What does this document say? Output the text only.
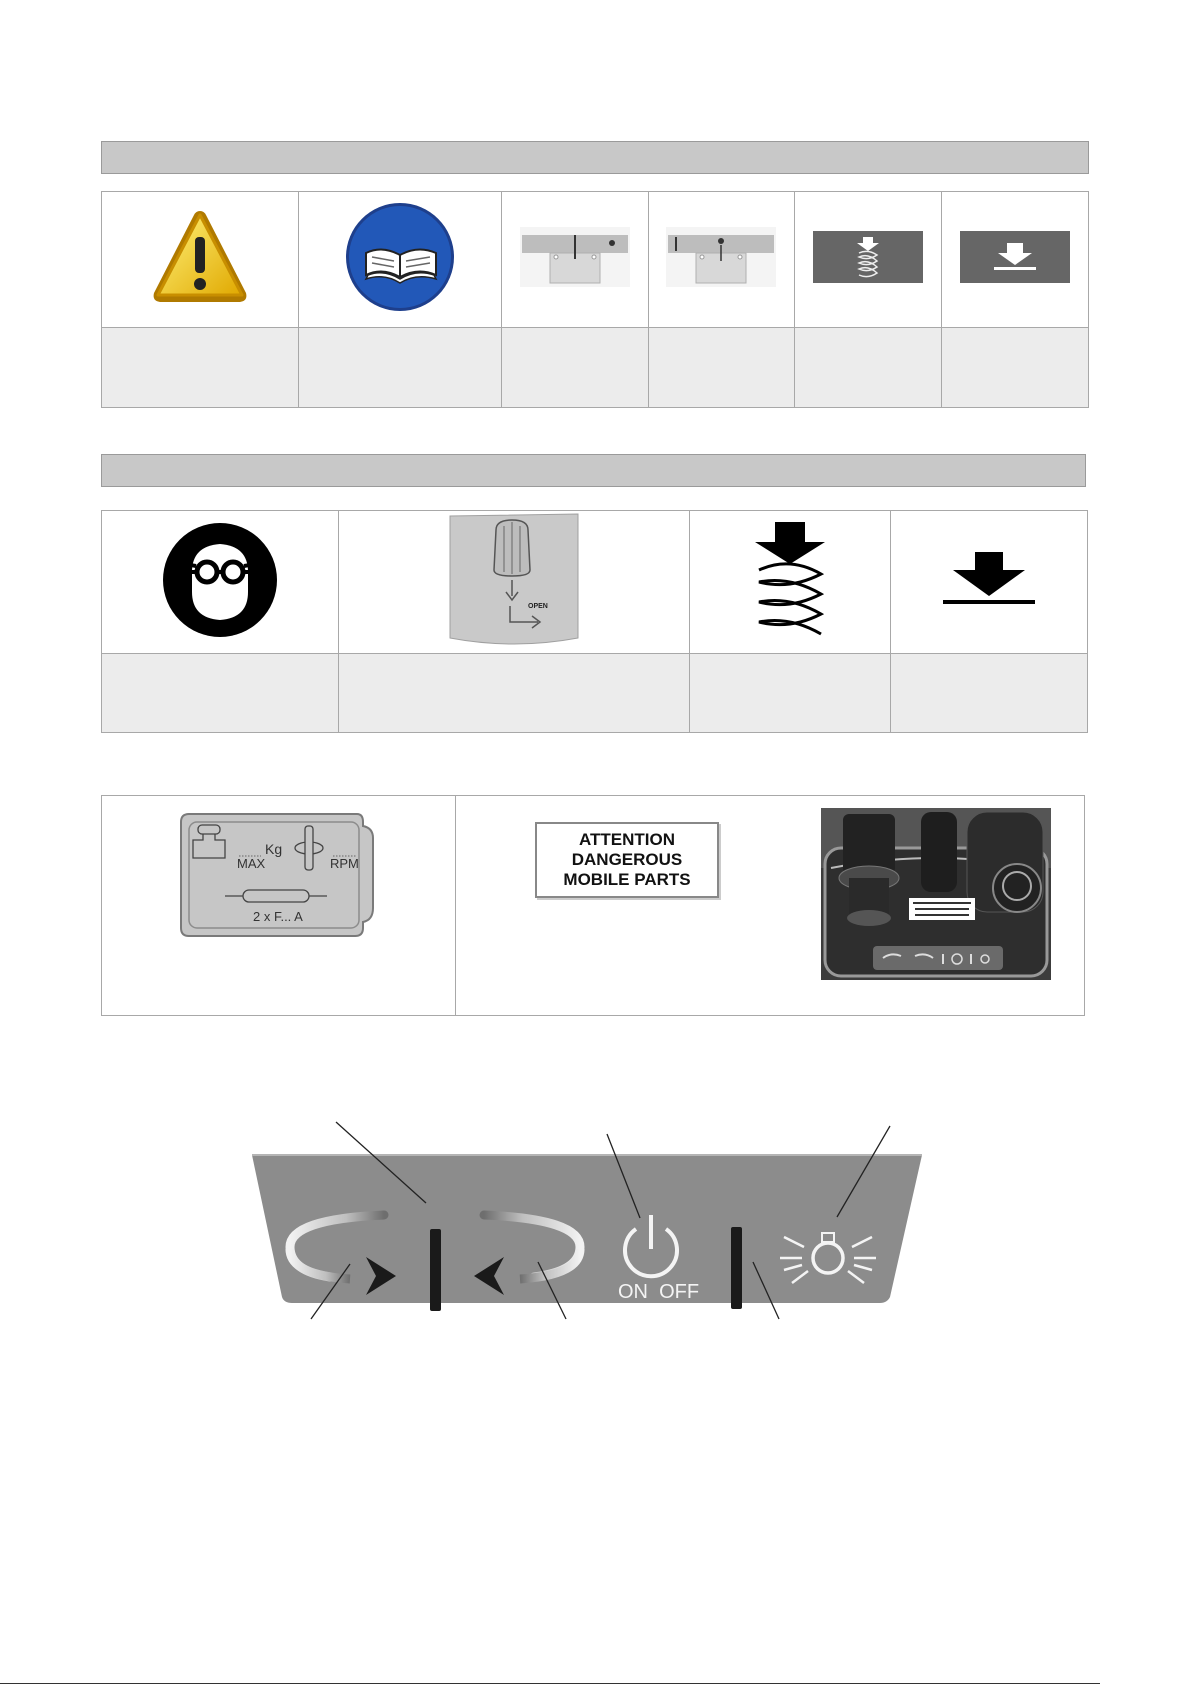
OPEN

MAX
Kg
RPM
2 x F... A
ATTENTION
DANGEROUS
MOBILE PARTS
ON  OFF
